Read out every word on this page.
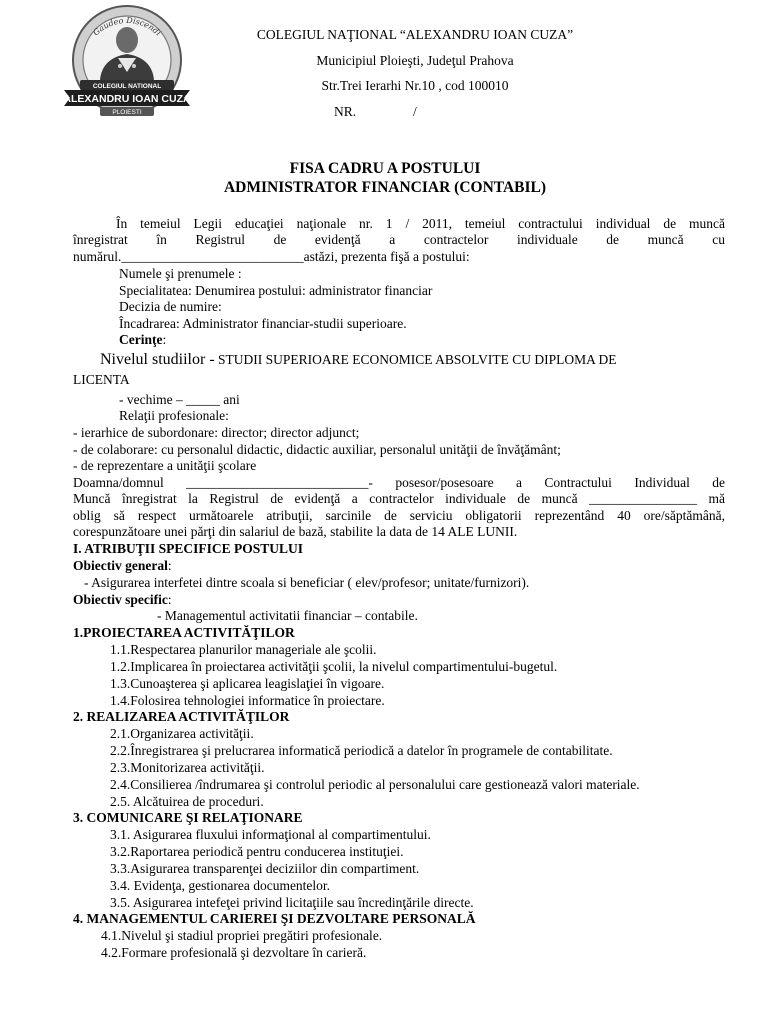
Gaudeo Discendi
COLEGIUL NATIONAL
ALEXANDRU IOAN CUZA
PLOIESTI
COLEGIUL NAŢIONAL “ALEXANDRU IOAN CUZA”
Municipiul Ploieşti, Judeţul Prahova
Str.Trei Ierarhi Nr.10 , cod 100010
NR.	/
FISA CADRU A POSTULUI
ADMINISTRATOR FINANCIAR (CONTABIL)
În temeiul Legii educaţiei naţionale nr. 1 / 2011, temeiul contractului individual de muncă
înregistrat în Registrul de evidenţă a contractelor individuale de muncă cu
numărul.___________________________astăzi, prezenta fişă a postului:
Numele şi prenumele :
Specialitatea: Denumirea postului: administrator financiar
Decizia de numire:
Încadrarea: Administrator financiar-studii superioare.
Cerinţe:
Nivelul studiilor - STUDII SUPERIOARE ECONOMICE ABSOLVITE CU DIPLOMA DE
LICENTA
- vechime – _____ ani
Relaţii profesionale:
- ierarhice de subordonare: director; director adjunct;
- de colaborare: cu personalul didactic, didactic auxiliar, personalul unităţii de învăţământ;
- de reprezentare a unităţii şcolare
Doamna/domnul ___________________________- posesor/posesoare a Contractului Individual de
Muncă înregistrat la Registrul de evidenţă a contractelor individuale de muncă ________________ mă
oblig să respect următoarele atribuţii, sarcinile de serviciu obligatorii reprezentând 40 ore/săptămână,
corespunzătoare unei părţi din salariul de bază, stabilite la data de 14 ALE LUNII.
I. ATRIBUŢII SPECIFICE POSTULUI
Obiectiv general:
- Asigurarea interfetei dintre scoala si beneficiar ( elev/profesor; unitate/furnizori).
Obiectiv specific:
- Managementul activitatii financiar – contabile.
1.PROIECTAREA ACTIVITĂŢILOR
1.1.Respectarea planurilor manageriale ale şcolii.
1.2.Implicarea în proiectarea activităţii şcolii, la nivelul compartimentului-bugetul.
1.3.Cunoaşterea şi aplicarea leagislaţiei în vigoare.
1.4.Folosirea tehnologiei informatice în proiectare.
2. REALIZAREA ACTIVITĂŢILOR
2.1.Organizarea activităţii.
2.2.Înregistrarea şi prelucrarea informatică periodică a datelor în programele de contabilitate.
2.3.Monitorizarea activităţii.
2.4.Consilierea /îndrumarea şi controlul periodic al personalului care gestionează valori materiale.
2.5. Alcătuirea de proceduri.
3. COMUNICARE ŞI RELAŢIONARE
3.1. Asigurarea fluxului informaţional al compartimentului.
3.2.Raportarea periodică pentru conducerea instituţiei.
3.3.Asigurarea transparenţei deciziilor din compartiment.
3.4. Evidenţa, gestionarea documentelor.
3.5. Asigurarea intefeţei privind licitaţiile sau încredinţările directe.
4. MANAGEMENTUL CARIEREI ŞI DEZVOLTARE PERSONALĂ
4.1.Nivelul şi stadiul propriei pregătiri profesionale.
4.2.Formare profesională şi dezvoltare în carieră.
